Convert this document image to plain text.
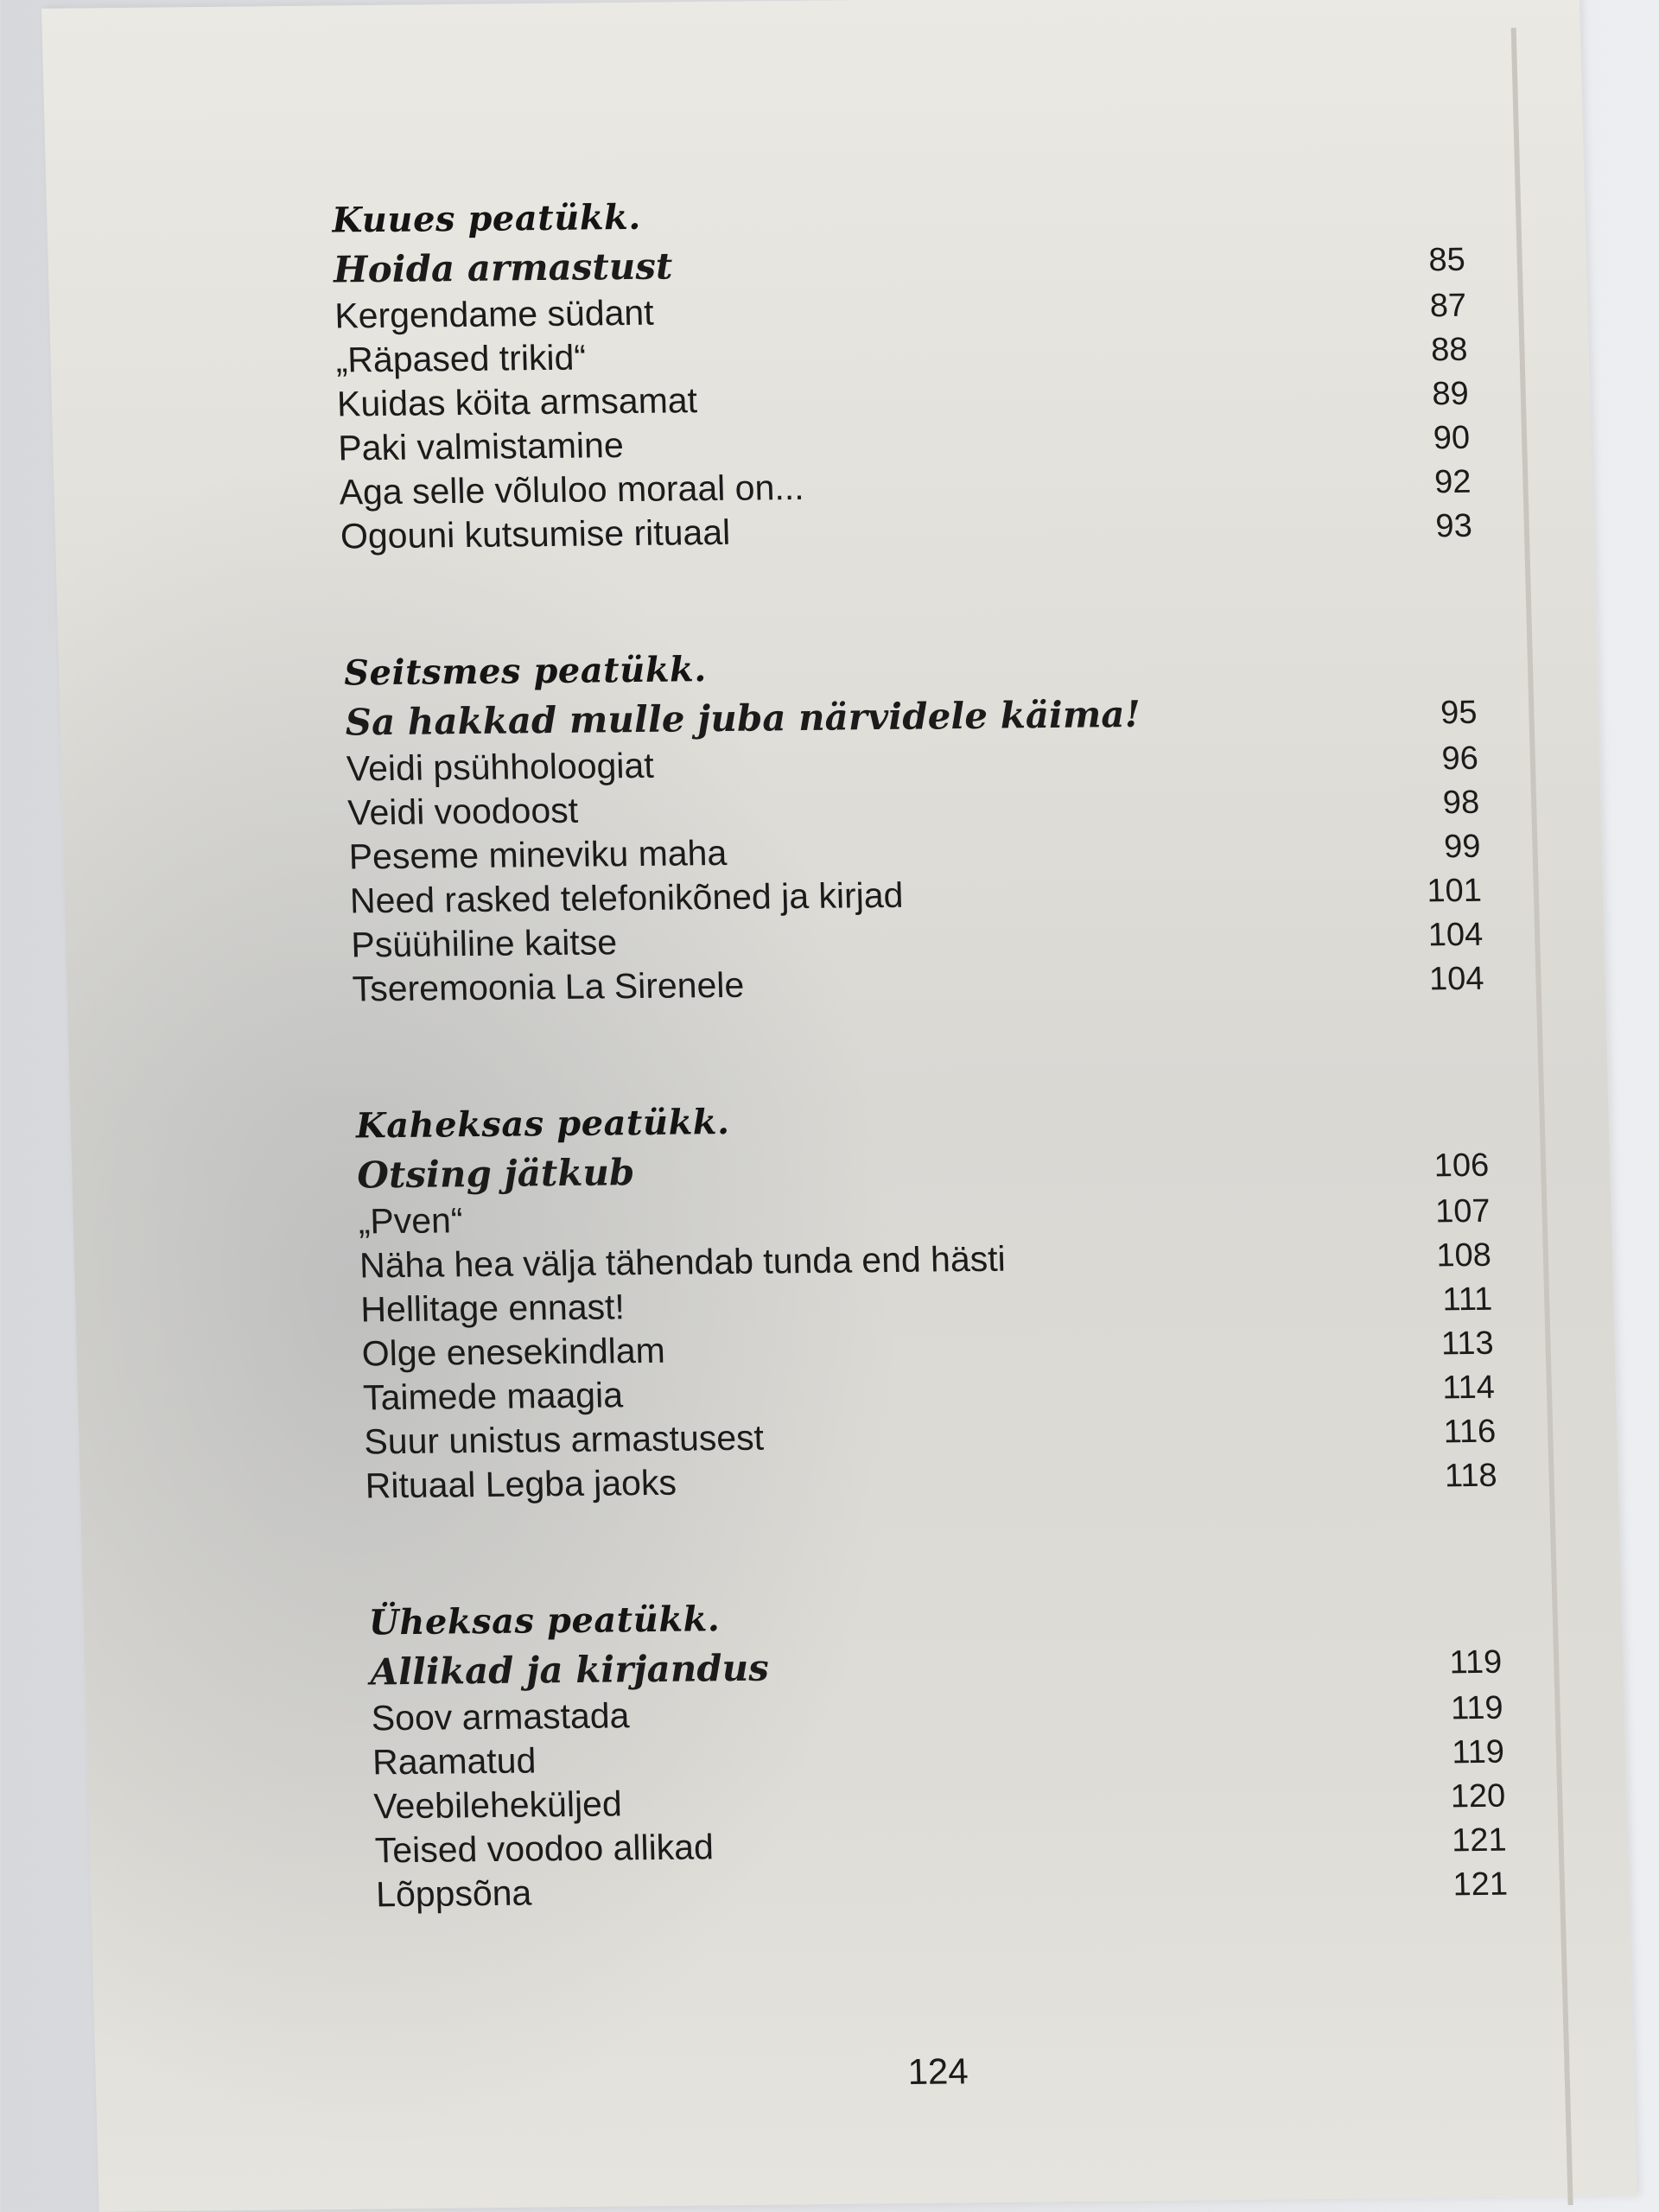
Kuues peatükk.
Hoida armastust	85
Kergendame südant	87
„Räpased trikid“	88
Kuidas köita armsamat	89
Paki valmistamine	90
Aga selle võluloo moraal on...	92
Ogouni kutsumise rituaal	93
Seitsmes peatükk.
Sa hakkad mulle juba närvidele käima!	95
Veidi psühholoogiat	96
Veidi voodoost	98
Peseme mineviku maha	99
Need rasked telefonikõned ja kirjad	101
Psüühiline kaitse	104
Tseremoonia La Sirenele	104
Kaheksas peatükk.
Otsing jätkub	106
„Pven“	107
Näha hea välja tähendab tunda end hästi	108
Hellitage ennast!	111
Olge enesekindlam	113
Taimede maagia	114
Suur unistus armastusest	116
Rituaal Legba jaoks	118
Üheksas peatükk.
Allikad ja kirjandus	119
Soov armastada	119
Raamatud	119
Veebileheküljed	120
Teised voodoo allikad	121
Lõppsõna	121
124
